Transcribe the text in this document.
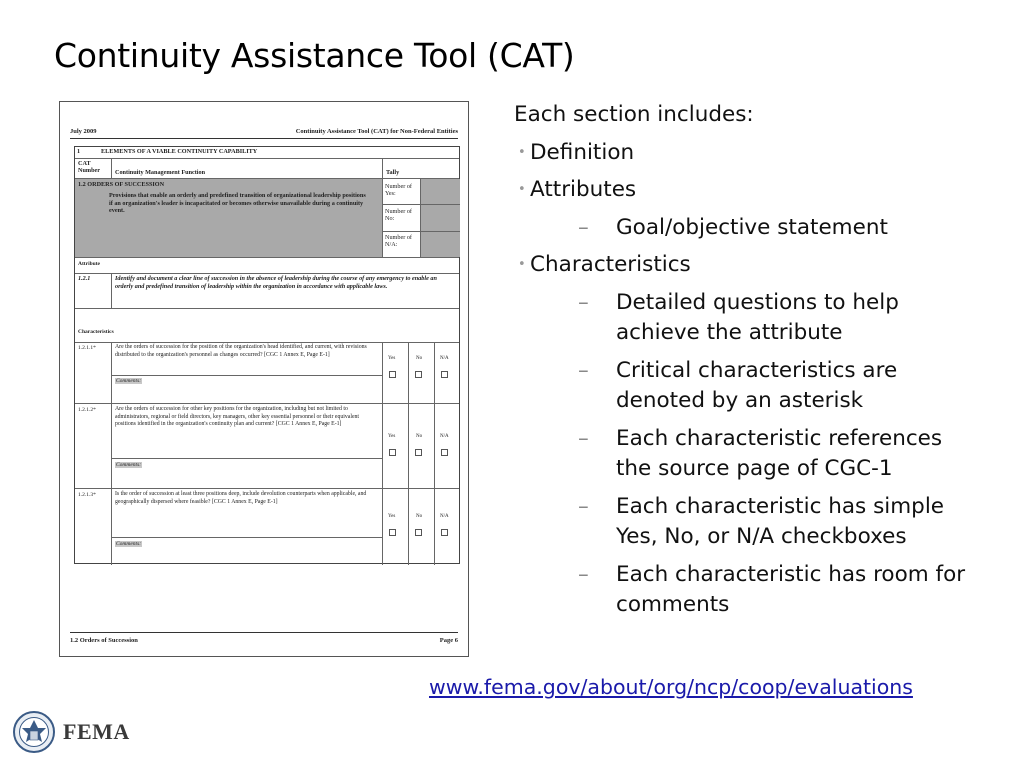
Continuity Assistance Tool (CAT)
July 2009	Continuity Assistance Tool (CAT) for Non-Federal Entities
1	ELEMENTS OF A VIABLE CONTINUITY CAPABILITY
CAT
Number	Continuity Management Function	Tally
1.2 ORDERS OF SUCCESSION
Provisions that enable an orderly and predefined transition of organizational leadership positions if an organization's leader is incapacitated or becomes otherwise unavailable during a continuity event.
Number of Yes:
Number of No:
Number of N/A:
Attribute
1.2.1	Identify and document a clear line of succession in the absence of leadership during the course of any emergency to enable an orderly and predefined transition of leadership within the organization in accordance with applicable laws.
Characteristics
1.2.1.1*	Are the orders of succession for the position of the organization's head identified, and current, with revisions distributed to the organization's personnel as changes occurred? [CGC 1 Annex E, Page E-1]
Comments:
Yes	No	N/A
1.2.1.2*	Are the orders of succession for other key positions for the organization, including but not limited to administrators, regional or field directors, key managers, other key essential personnel or their equivalent positions identified in the organization's continuity plan and current? [CGC 1 Annex E, Page E-1]
Comments:
Yes	No	N/A
1.2.1.3*	Is the order of succession at least three positions deep, include devolution counterparts when applicable, and geographically dispersed where feasible? [CGC 1 Annex E, Page E-1]
Comments:
Yes	No	N/A
1.2 Orders of Succession	Page 6

Each section includes:

• Definition

• Attributes

– Goal/objective statement

• Characteristics

– Detailed questions to help achieve the attribute

– Critical characteristics are denoted by an asterisk

– Each characteristic references the source page of CGC-1

– Each characteristic has simple Yes, No, or N/A checkboxes

– Each characteristic has room for comments

www.fema.gov/about/org/ncp/coop/evaluations
FEMA
